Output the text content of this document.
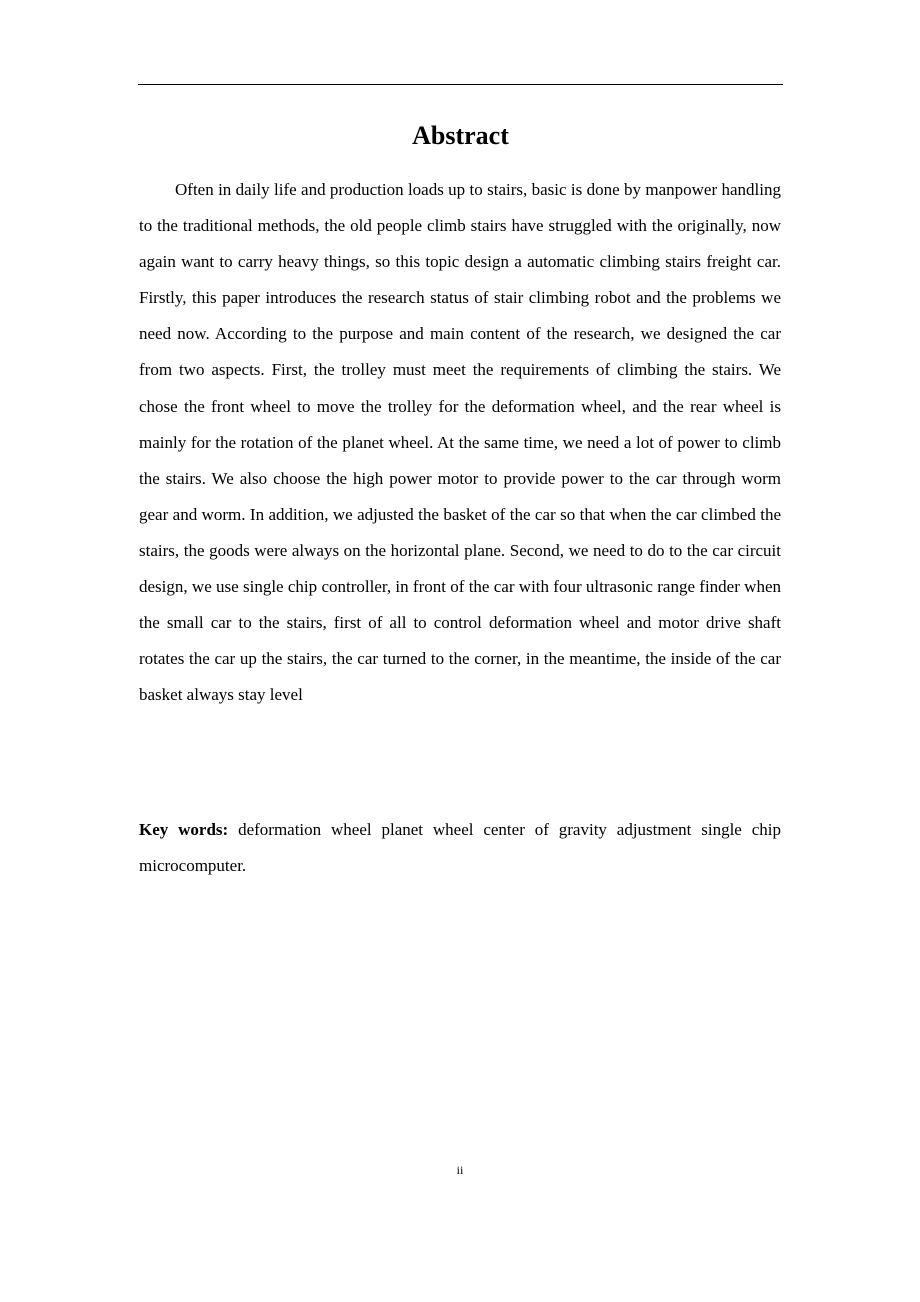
Abstract

Often in daily life and production loads up to stairs, basic is done by manpower handling to the traditional methods, the old people climb stairs have struggled with the originally, now again want to carry heavy things, so this topic design a automatic climbing stairs freight car. Firstly, this paper introduces the research status of stair climbing robot and the problems we need now. According to the purpose and main content of the research, we designed the car from two aspects. First, the trolley must meet the requirements of climbing the stairs. We chose the front wheel to move the trolley for the deformation wheel, and the rear wheel is mainly for the rotation of the planet wheel. At the same time, we need a lot of power to climb the stairs. We also choose the high power motor to provide power to the car through worm gear and worm. In addition, we adjusted the basket of the car so that when the car climbed the stairs, the goods were always on the horizontal plane. Second, we need to do to the car circuit design, we use single chip controller, in front of the car with four ultrasonic range finder when the small car to the stairs, first of all to control deformation wheel and motor drive shaft rotates the car up the stairs, the car turned to the corner, in the meantime, the inside of the car basket always stay level

Key words: deformation wheel planet wheel center of gravity adjustment single chip microcomputer.

ii
